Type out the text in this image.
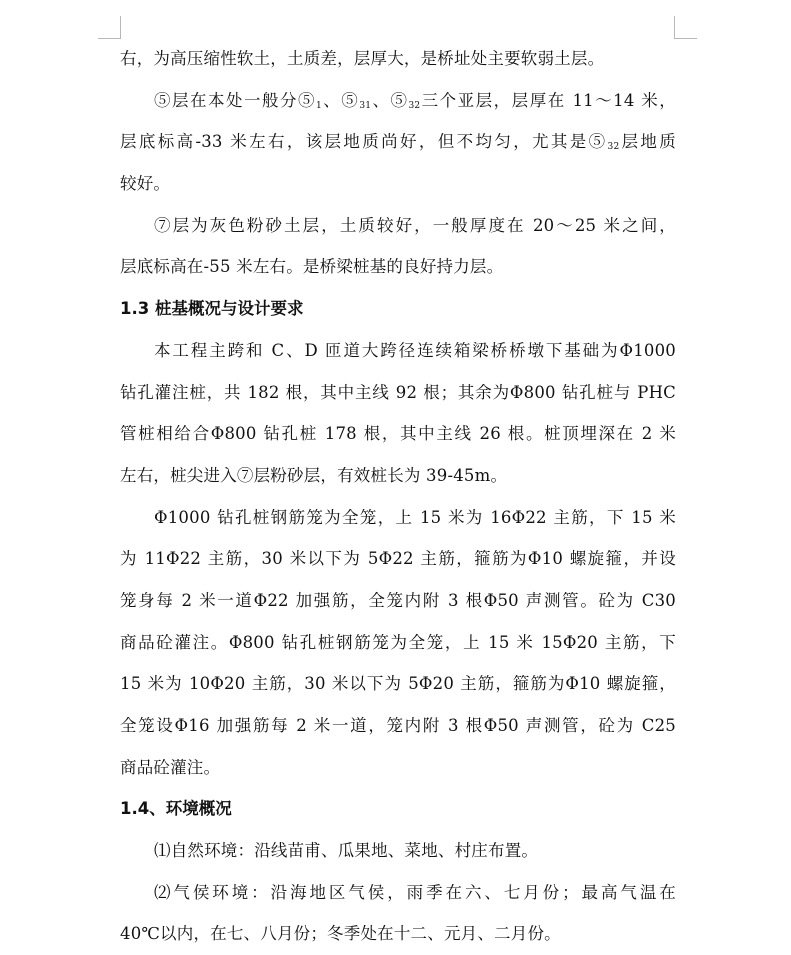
右，为高压缩性软土，土质差，层厚大，是桥址处主要软弱土层。
⑤层在本处一般分$⑤_1$、$⑤_{31}$、$⑤_{32}$三个亚层，层厚在 11～14 米，
层底标高-33 米左右，该层地质尚好，但不均匀，尤其是$⑤_{32}$层地质
较好。
⑦层为灰色粉砂土层，土质较好，一般厚度在 20～25 米之间，
层底标高在-55 米左右。是桥梁桩基的良好持力层。
1.3 桩基概况与设计要求
本工程主跨和 C、D 匝道大跨径连续箱梁桥桥墩下基础为Φ1000
钻孔灌注桩，共 182 根，其中主线 92 根；其余为Φ800 钻孔桩与 PHC
管桩相给合Φ800 钻孔桩 178 根，其中主线 26 根。桩顶埋深在 2 米
左右，桩尖进入⑦层粉砂层，有效桩长为 39-45m。
Φ1000 钻孔桩钢筋笼为全笼，上 15 米为 16Φ22 主筋，下 15 米
为 11Φ22 主筋，30 米以下为 5Φ22 主筋，箍筋为Φ10 螺旋箍，并设
笼身每 2 米一道Φ22 加强筋，全笼内附 3 根Φ50 声测管。砼为 C30
商品砼灌注。Φ800 钻孔桩钢筋笼为全笼，上 15 米 15Φ20 主筋，下
15 米为 10Φ20 主筋，30 米以下为 5Φ20 主筋，箍筋为Φ10 螺旋箍，
全笼设Φ16 加强筋每 2 米一道，笼内附 3 根Φ50 声测管，砼为 C25
商品砼灌注。
1.4、环境概况
⑴自然环境：沿线苗甫、瓜果地、菜地、村庄布置。
⑵气侯环境：沿海地区气侯，雨季在六、七月份；最高气温在
40℃以内，在七、八月份；冬季处在十二、元月、二月份。
